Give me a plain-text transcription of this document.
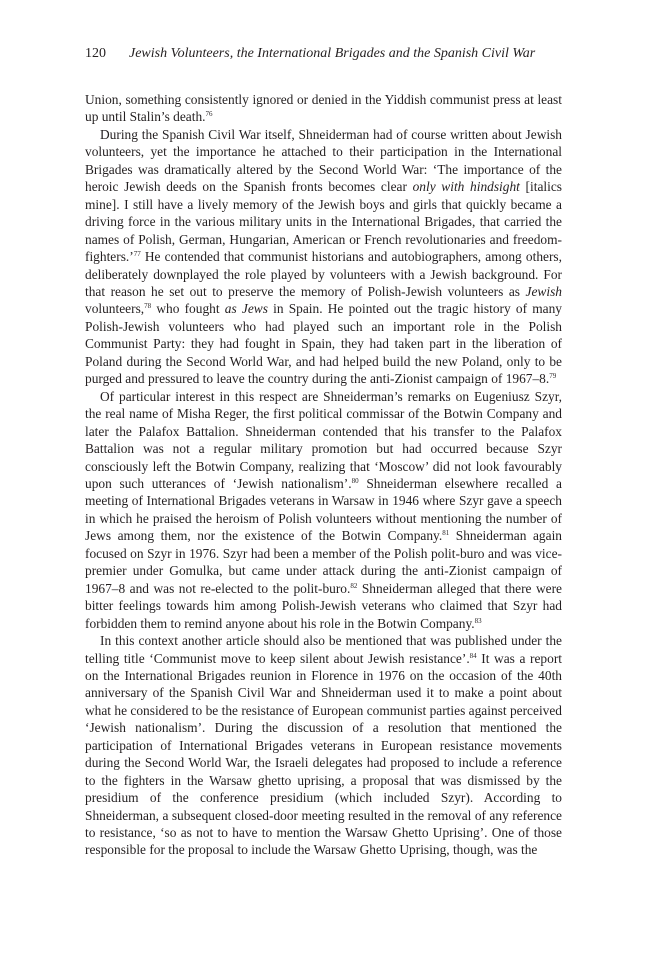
120 Jewish Volunteers, the International Brigades and the Spanish Civil War

Union, something consistently ignored or denied in the Yiddish communist press at least up until Stalin’s death.$^{76}$

During the Spanish Civil War itself, Shneiderman had of course written about Jewish volunteers, yet the importance he attached to their participation in the International Brigades was dramatically altered by the Second World War: ‘The importance of the heroic Jewish deeds on the Spanish fronts becomes clear only with hindsight [italics mine]. I still have a lively memory of the Jewish boys and girls that quickly became a driving force in the various military units in the International Brigades, that carried the names of Polish, German, Hungarian, American or French revolutionaries and freedom-fighters.’$^{77}$ He contended that communist historians and autobiographers, among others, deliberately downplayed the role played by volunteers with a Jewish background. For that reason he set out to preserve the memory of Polish-Jewish volunteers as Jewish volunteers,$^{78}$ who fought as Jews in Spain. He pointed out the tragic history of many Polish-Jewish volunteers who had played such an important role in the Polish Communist Party: they had fought in Spain, they had taken part in the liberation of Poland during the Second World War, and had helped build the new Poland, only to be purged and pressured to leave the country during the anti-Zionist campaign of 1967–8.79

Of particular interest in this respect are Shneiderman’s remarks on Eugeniusz Szyr, the real name of Misha Reger, the first political commissar of the Botwin Company and later the Palafox Battalion. Shneiderman contended that his transfer to the Palafox Battalion was not a regular military promotion but had occurred because Szyr consciously left the Botwin Company, realizing that ‘Moscow’ did not look favourably upon such utterances of ‘Jewish nationalism’.$^{80}$ Shneiderman elsewhere recalled a meeting of International Brigades veterans in Warsaw in 1946 where Szyr gave a speech in which he praised the heroism of Polish volunteers without mentioning the number of Jews among them, nor the existence of the Botwin Company.$^{81}$ Shneiderman again focused on Szyr in 1976. Szyr had been a member of the Polish polit-buro and was vice-premier under Gomulka, but came under attack during the anti-Zionist campaign of 1967–8 and was not re-elected to the polit-buro.$^{82}$ Shneiderman alleged that there were bitter feelings towards him among Polish-Jewish veterans who claimed that Szyr had forbidden them to remind anyone about his role in the Botwin Company.$^{83}$

In this context another article should also be mentioned that was published under the telling title ‘Communist move to keep silent about Jewish resistance’.$^{84}$ It was a report on the International Brigades reunion in Florence in 1976 on the occasion of the 40th anniversary of the Spanish Civil War and Shneiderman used it to make a point about what he considered to be the resistance of European communist parties against perceived ‘Jewish nationalism’. During the discussion of a resolution that mentioned the participation of International Brigades veterans in European resistance movements during the Second World War, the Israeli delegates had proposed to include a reference to the fighters in the Warsaw ghetto uprising, a proposal that was dismissed by the presidium of the conference presidium (which included Szyr). According to Shneiderman, a subsequent closed-door meeting resulted in the removal of any reference to resistance, ‘so as not to have to mention the Warsaw Ghetto Uprising’. One of those responsible for the proposal to include the Warsaw Ghetto Uprising, though, was the
